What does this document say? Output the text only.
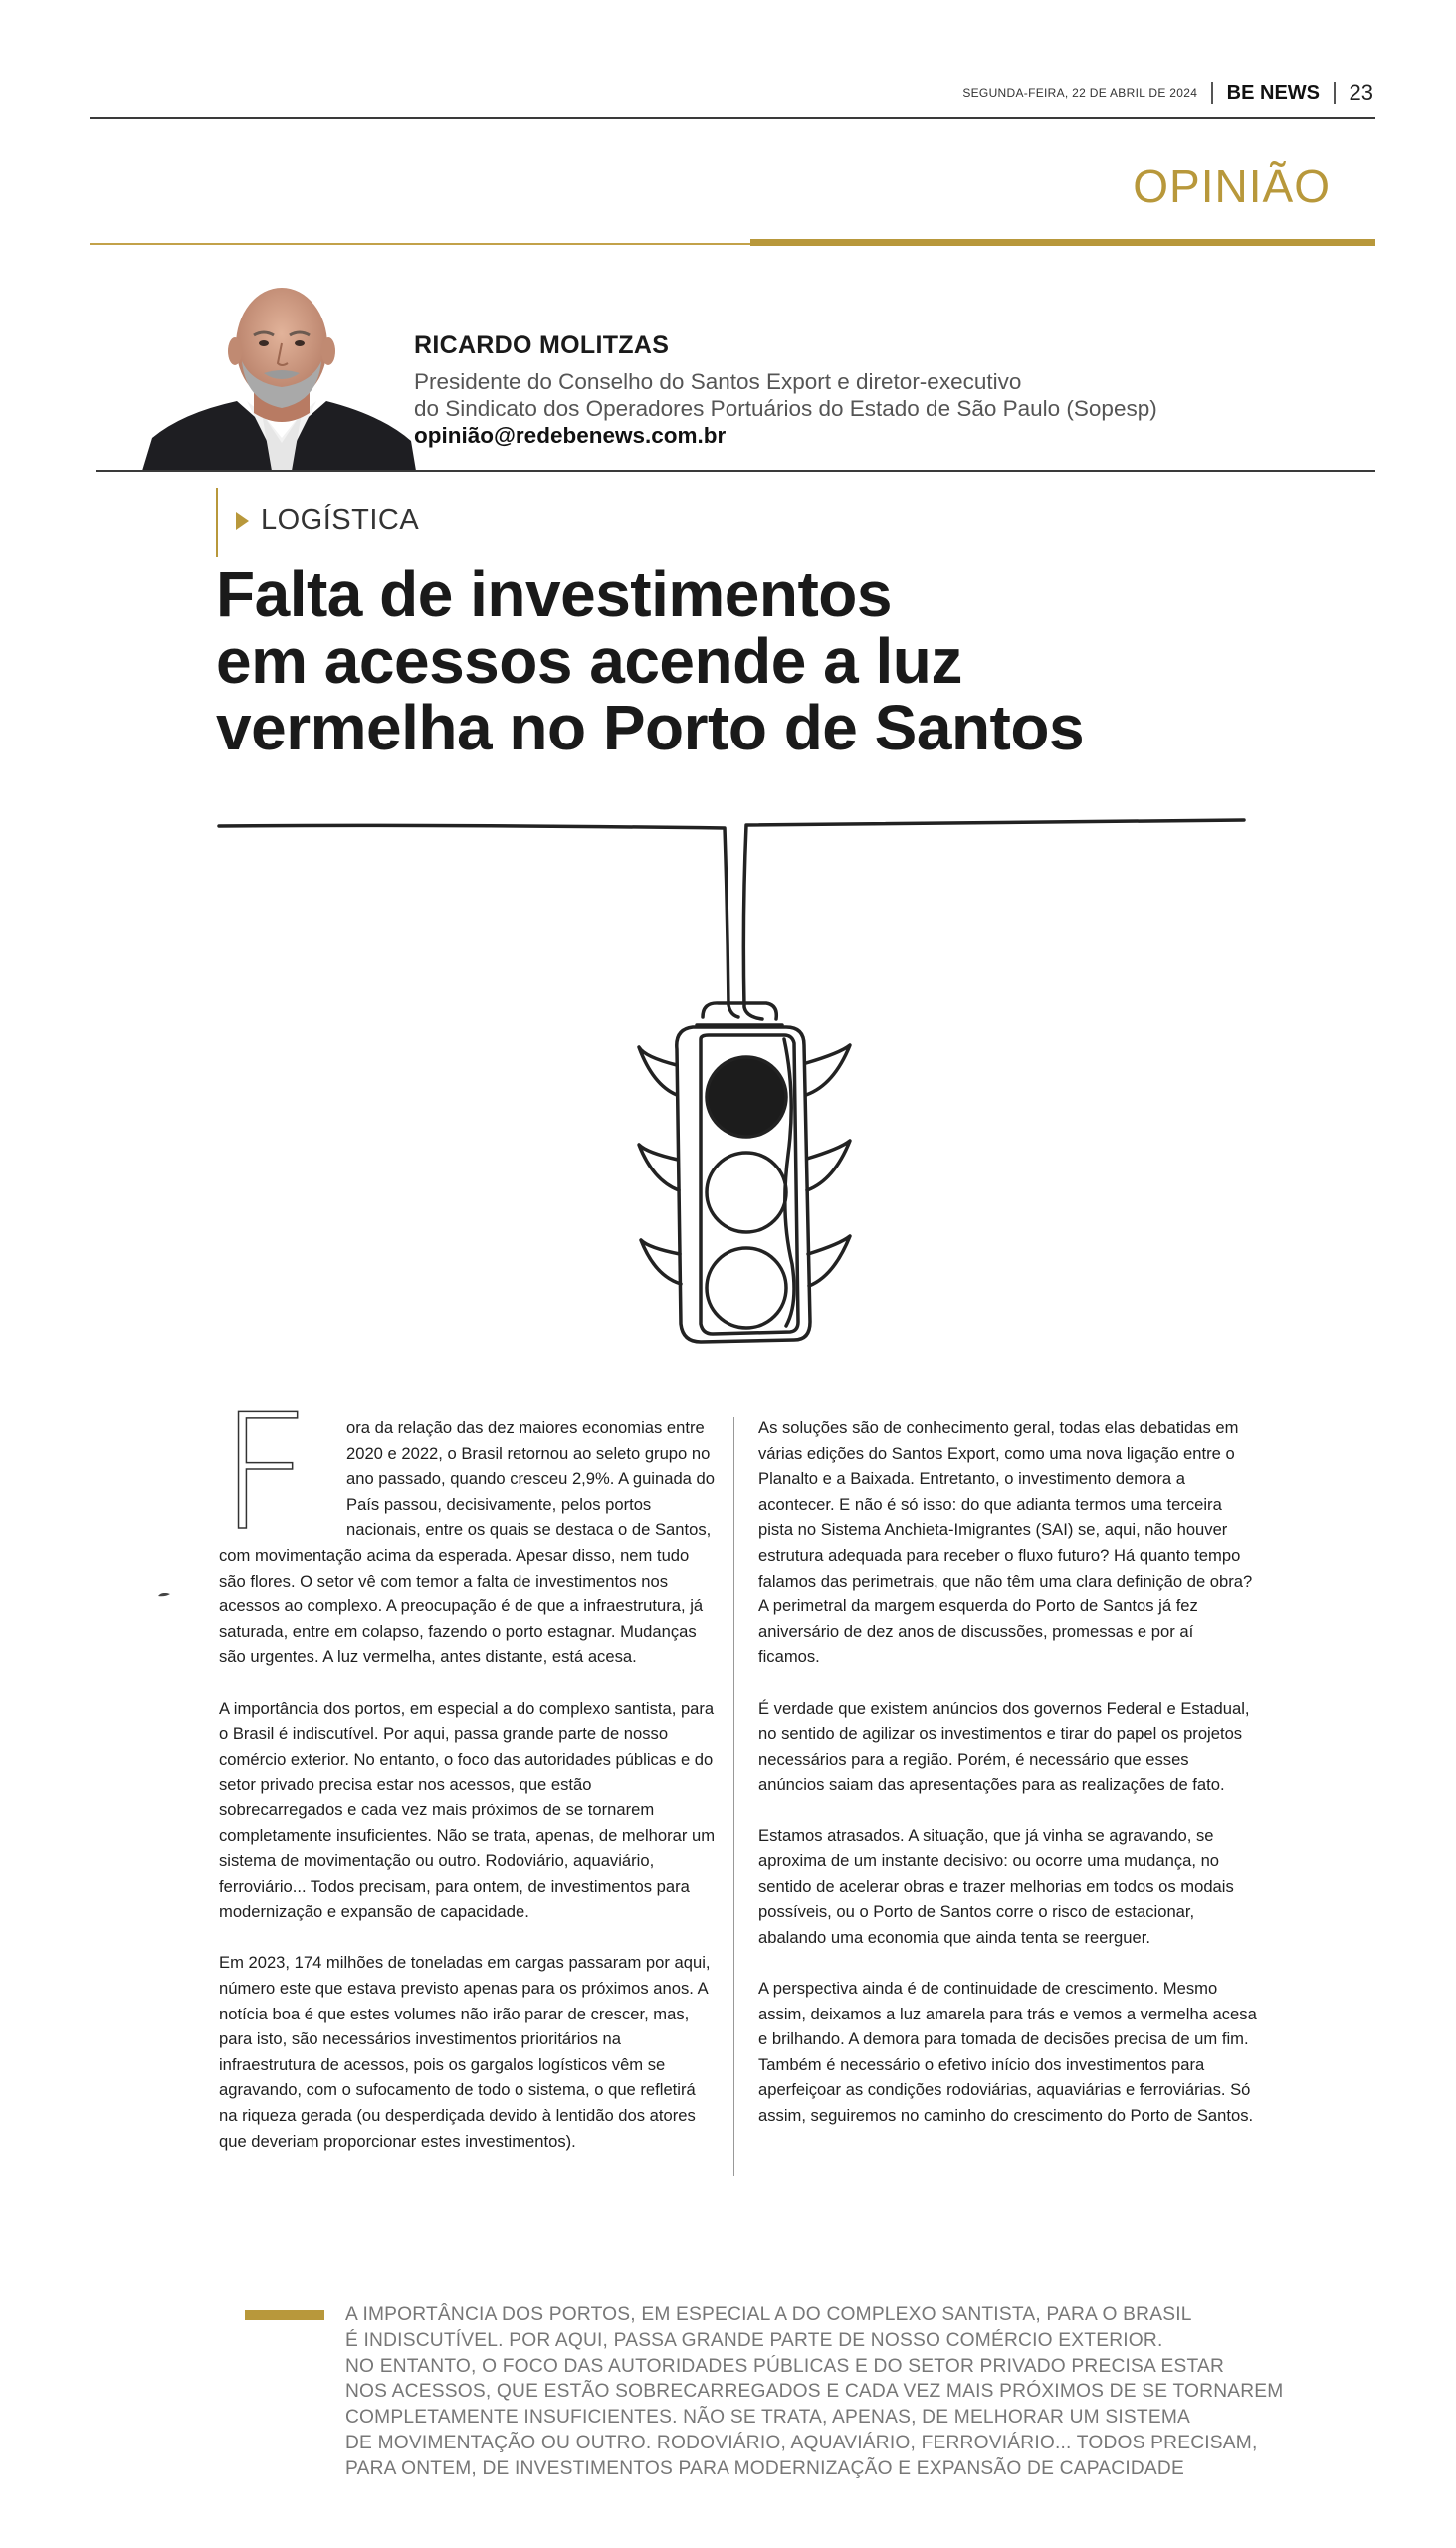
SEGUNDA-FEIRA, 22 DE ABRIL DE 2024 BE NEWS 23
OPINIÃO
RICARDO MOLITZAS
Presidente do Conselho do Santos Export e diretor-executivo
do Sindicato dos Operadores Portuários do Estado de São Paulo (Sopesp)
opinião@redebenews.com.br
LOGÍSTICA
Falta de investimentos
em acessos acende a luz
vermelha no Porto de Santos
F	ora da relação das dez maiores economias entre 2020 e 2022, o Brasil retornou ao seleto grupo no ano passado, quando cresceu 2,9%. A guinada do País passou, decisivamente, pelos portos nacionais, entre os quais se destaca o de Santos, com movimentação acima da esperada. Apesar disso, nem tudo são flores. O setor vê com temor a falta de investimentos nos acessos ao complexo. A preocupação é de que a infraestrutura, já saturada, entre em colapso, fazendo o porto estagnar. Mudanças são urgentes. A luz vermelha, antes distante, está acesa.

A importância dos portos, em especial a do complexo santista, para o Brasil é indiscutível. Por aqui, passa grande parte de nosso comércio exterior. No entanto, o foco das autoridades públicas e do setor privado precisa estar nos acessos, que estão sobrecarregados e cada vez mais próximos de se tornarem completamente insuficientes. Não se trata, apenas, de melhorar um sistema de movimentação ou outro. Rodoviário, aquaviário, ferroviário... Todos precisam, para ontem, de investimentos para modernização e expansão de capacidade.

Em 2023, 174 milhões de toneladas em cargas passaram por aqui, número este que estava previsto apenas para os próximos anos. A notícia boa é que estes volumes não irão parar de crescer, mas, para isto, são necessários investimentos prioritários na infraestrutura de acessos, pois os gargalos logísticos vêm se agravando, com o sufocamento de todo o sistema, o que refletirá na riqueza gerada (ou desperdiçada devido à lentidão dos atores que deveriam proporcionar estes investimentos).

As soluções são de conhecimento geral, todas elas debatidas em várias edições do Santos Export, como uma nova ligação entre o Planalto e a Baixada. Entretanto, o investimento demora a acontecer. E não é só isso: do que adianta termos uma terceira pista no Sistema Anchieta-Imigrantes (SAI) se, aqui, não houver estrutura adequada para receber o fluxo futuro? Há quanto tempo falamos das perimetrais, que não têm uma clara definição de obra? A perimetral da margem esquerda do Porto de Santos já fez aniversário de dez anos de discussões, promessas e por aí ficamos.

É verdade que existem anúncios dos governos Federal e Estadual, no sentido de agilizar os investimentos e tirar do papel os projetos necessários para a região. Porém, é necessário que esses anúncios saiam das apresentações para as realizações de fato.

Estamos atrasados. A situação, que já vinha se agravando, se aproxima de um instante decisivo: ou ocorre uma mudança, no sentido de acelerar obras e trazer melhorias em todos os modais possíveis, ou o Porto de Santos corre o risco de estacionar, abalando uma economia que ainda tenta se reerguer.

A perspectiva ainda é de continuidade de crescimento. Mesmo assim, deixamos a luz amarela para trás e vemos a vermelha acesa e brilhando. A demora para tomada de decisões precisa de um fim. Também é necessário o efetivo início dos investimentos para aperfeiçoar as condições rodoviárias, aquaviárias e ferroviárias. Só assim, seguiremos no caminho do crescimento do Porto de Santos.

A IMPORTÂNCIA DOS PORTOS, EM ESPECIAL A DO COMPLEXO SANTISTA, PARA O BRASIL
É INDISCUTÍVEL. POR AQUI, PASSA GRANDE PARTE DE NOSSO COMÉRCIO EXTERIOR.
NO ENTANTO, O FOCO DAS AUTORIDADES PÚBLICAS E DO SETOR PRIVADO PRECISA ESTAR
NOS ACESSOS, QUE ESTÃO SOBRECARREGADOS E CADA VEZ MAIS PRÓXIMOS DE SE TORNAREM
COMPLETAMENTE INSUFICIENTES. NÃO SE TRATA, APENAS, DE MELHORAR UM SISTEMA
DE MOVIMENTAÇÃO OU OUTRO. RODOVIÁRIO, AQUAVIÁRIO, FERROVIÁRIO... TODOS PRECISAM,
PARA ONTEM, DE INVESTIMENTOS PARA MODERNIZAÇÃO E EXPANSÃO DE CAPACIDADE
